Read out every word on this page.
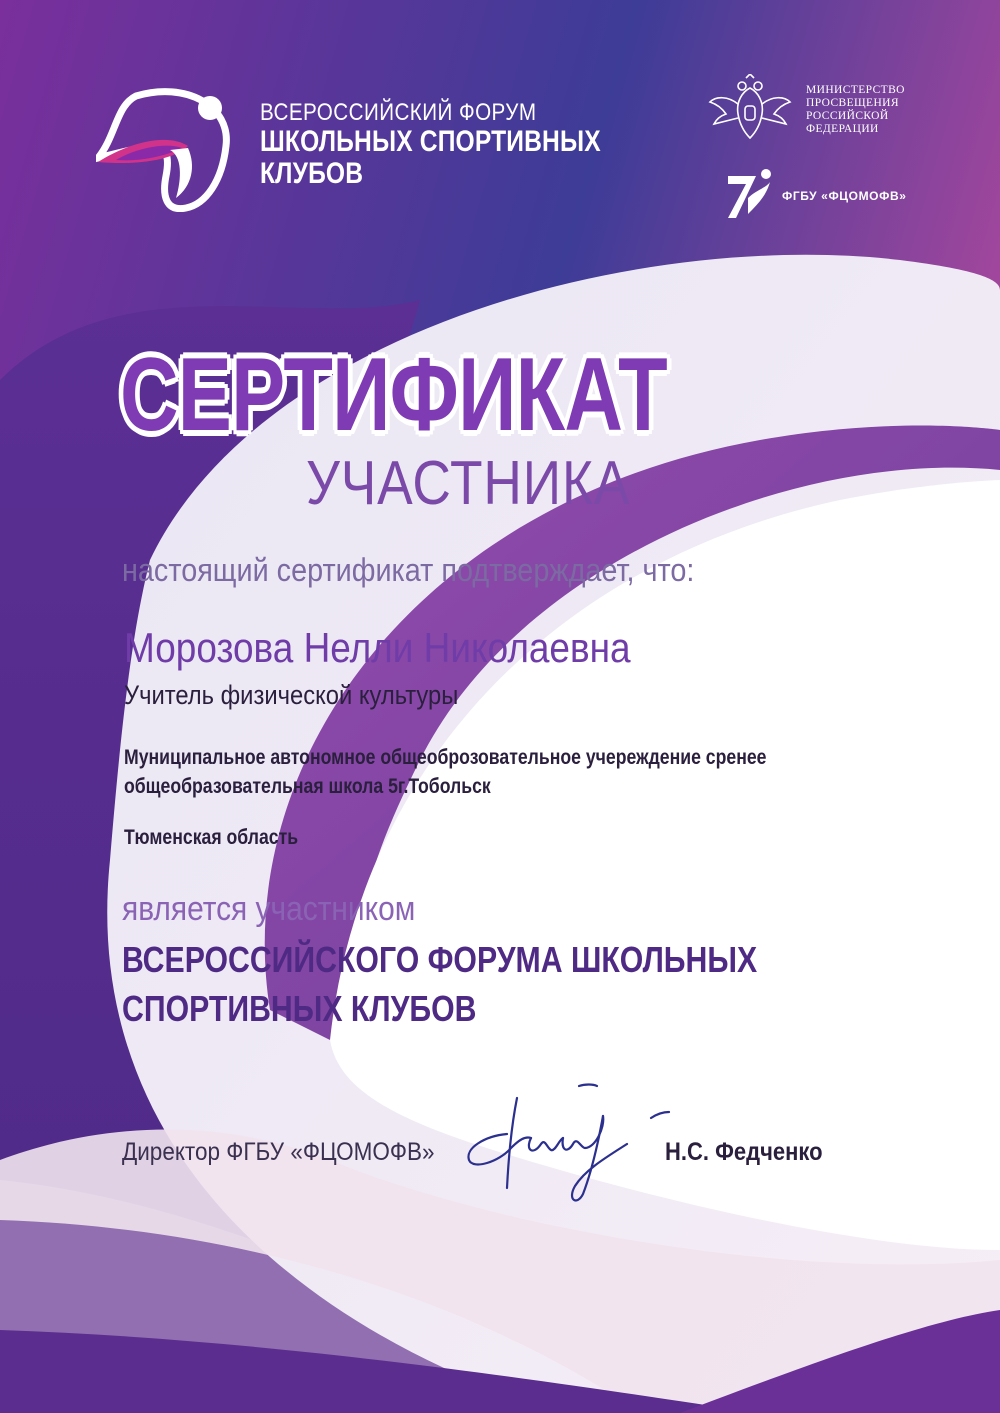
ВСЕРОССИЙСКИЙ ФОРУМ
ШКОЛЬНЫХ СПОРТИВНЫХ
КЛУБОВ
МИНИСТЕРСТВО
ПРОСВЕЩЕНИЯ
РОССИЙСКОЙ
ФЕДЕРАЦИИ
ФГБУ «ФЦОМОФВ»
СЕРТИФИКАТ
УЧАСТНИКА
настоящий сертификат подтверждает, что:
Морозова Нелли Николаевна
Учитель физической культуры
Муниципальное автономное общеоброзовательное учереждение сренее
общеобразовательная школа 5г.Тобольск
Тюменская область
является участником
ВСЕРОССИЙСКОГО ФОРУМА ШКОЛЬНЫХ
СПОРТИВНЫХ КЛУБОВ
Директор ФГБУ «ФЦОМОФВ»	Н.С. Федченко
